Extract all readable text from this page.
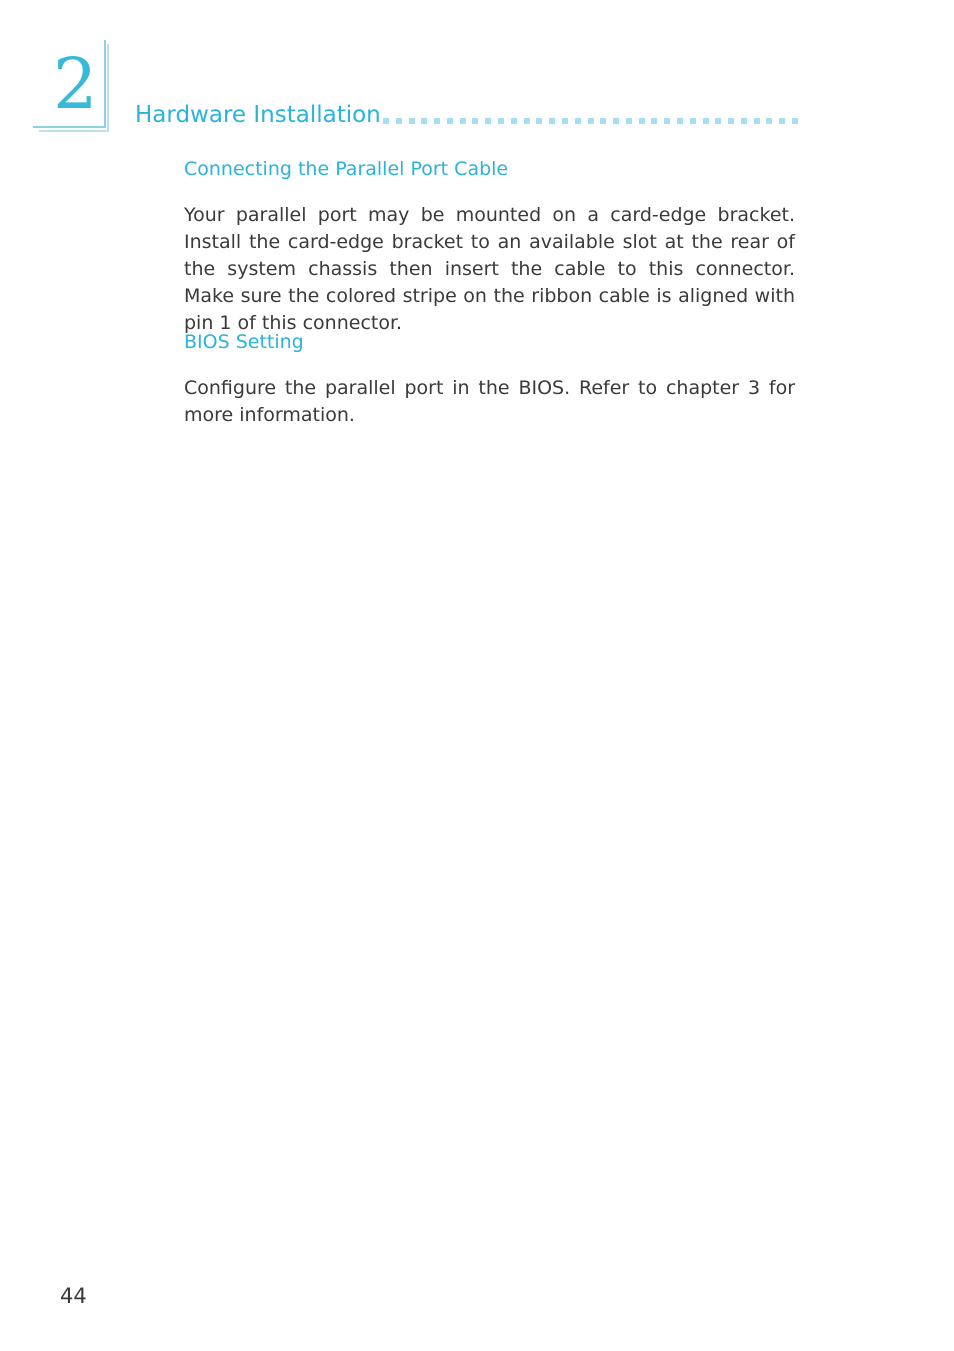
2 Hardware Installation
Connecting the Parallel Port Cable
Your parallel port may be mounted on a card-edge bracket. Install the card-edge bracket to an available slot at the rear of the system chassis then insert the cable to this connector. Make sure the colored stripe on the ribbon cable is aligned with pin 1 of this connector.
BIOS Setting
Configure the parallel port in the BIOS. Refer to chapter 3 for more information.
44
